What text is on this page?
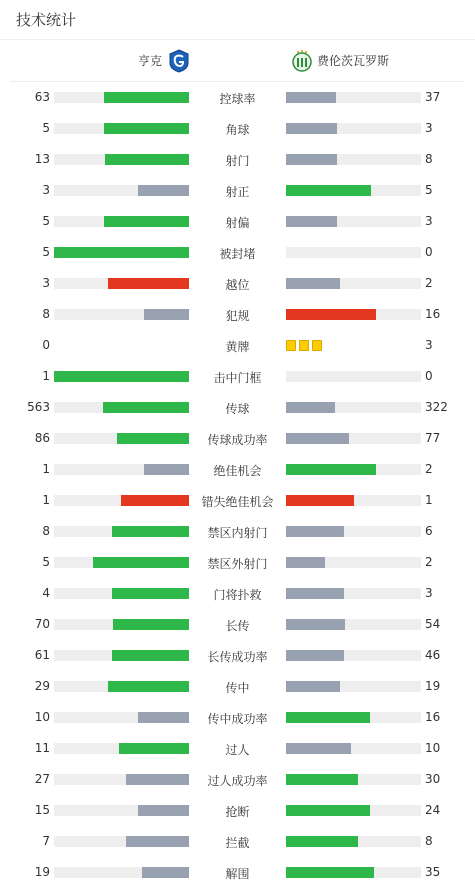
技术统计
亨克	费伦茨瓦罗斯
63	控球率	37
5	角球	3
13	射门	8
3	射正	5
5	射偏	3
5	被封堵	0
3	越位	2
8	犯规	16
0	黄牌	3
1	击中门框	0
563	传球	322
86	传球成功率	77
1	绝佳机会	2
1	错失绝佳机会	1
8	禁区内射门	6
5	禁区外射门	2
4	门将扑救	3
70	长传	54
61	长传成功率	46
29	传中	19
10	传中成功率	16
11	过人	10
27	过人成功率	30
15	抢断	24
7	拦截	8
19	解围	35
